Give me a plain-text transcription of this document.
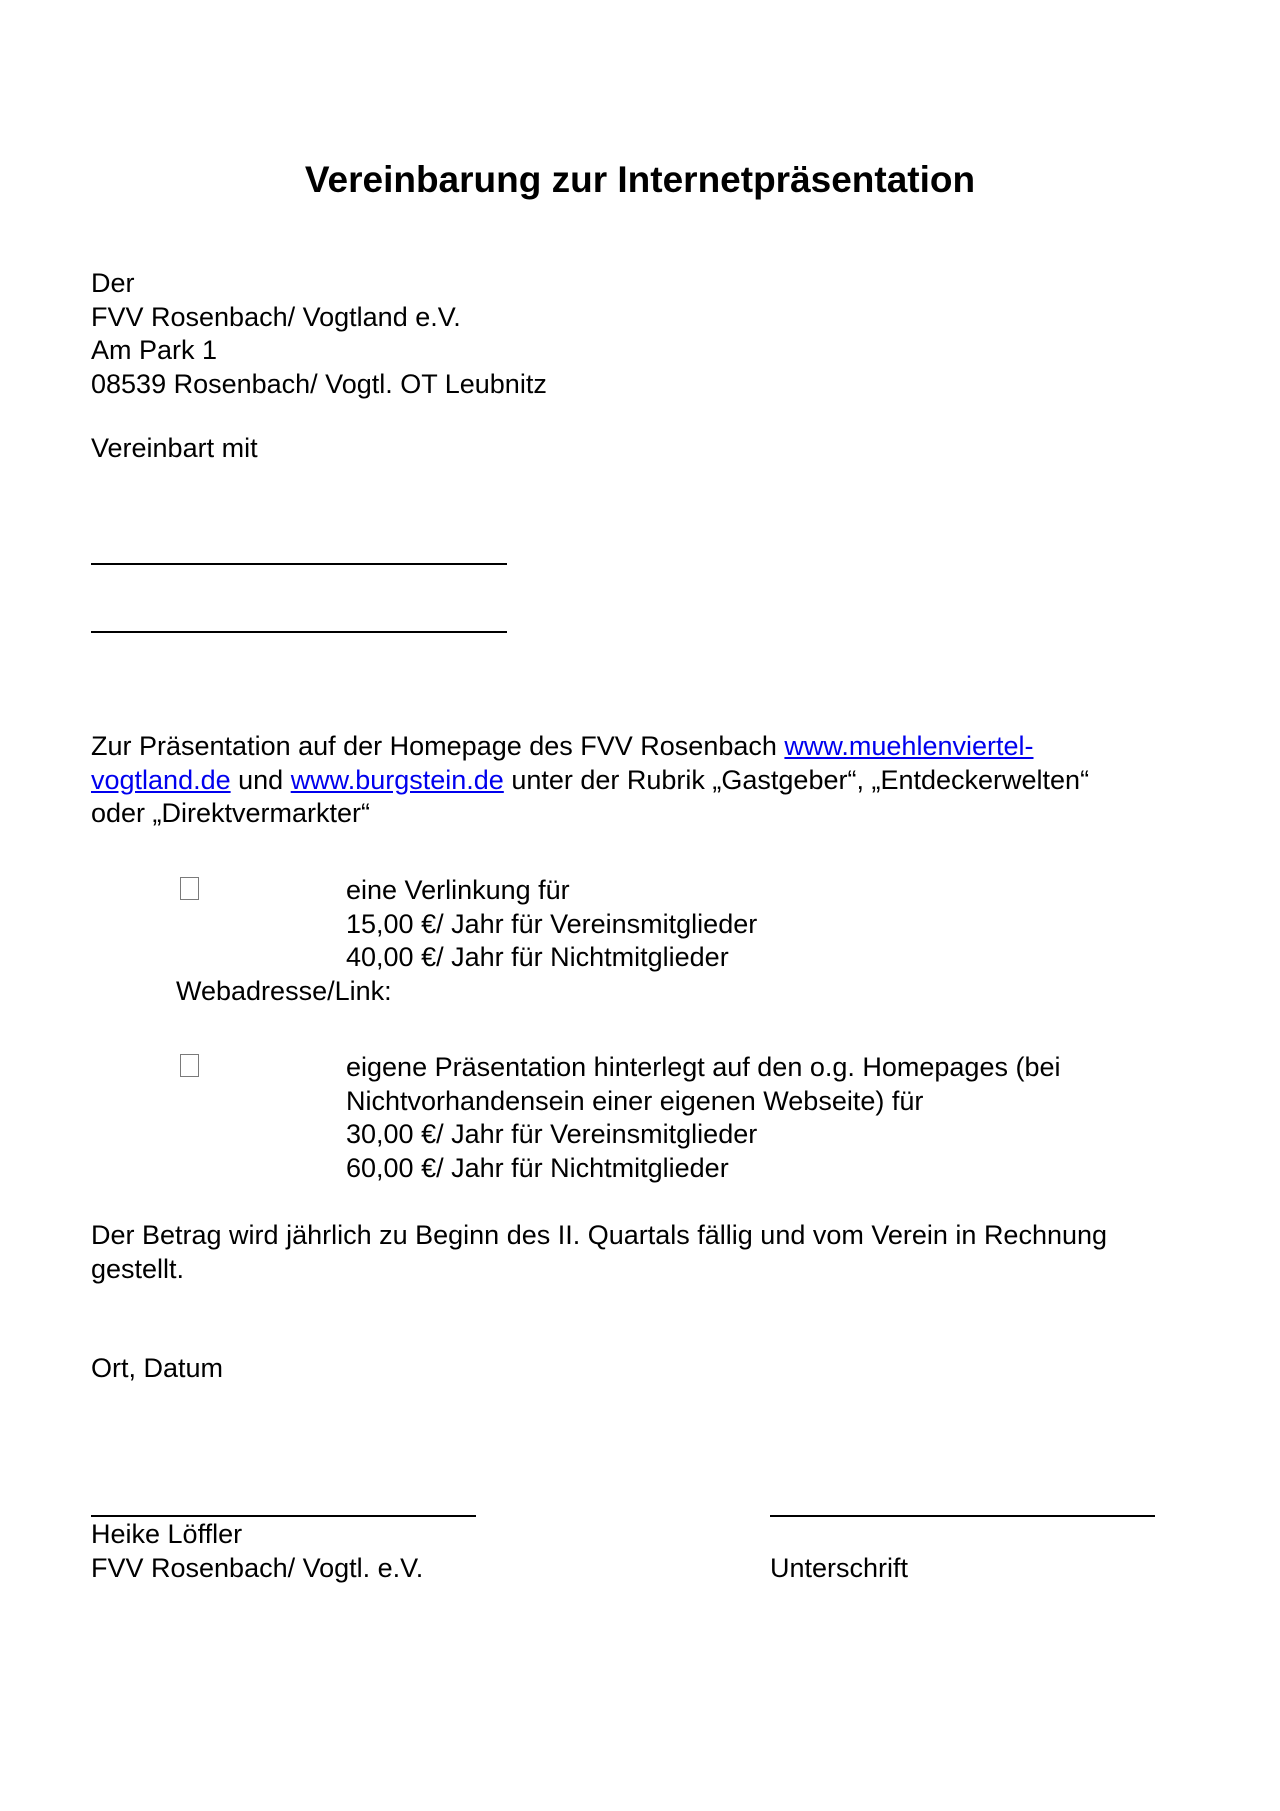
Vereinbarung zur Internetpräsentation
Der
FVV Rosenbach/ Vogtland e.V.
Am Park 1
08539 Rosenbach/ Vogtl. OT Leubnitz
Vereinbart mit
Zur Präsentation auf der Homepage des FVV Rosenbach www.muehlenviertel-
vogtland.de und www.burgstein.de unter der Rubrik „Gastgeber“, „Entdeckerwelten“
oder „Direktvermarkter“
eine Verlinkung für
15,00 €/ Jahr für Vereinsmitglieder
40,00 €/ Jahr für Nichtmitglieder
Webadresse/Link:
eigene Präsentation hinterlegt auf den o.g. Homepages (bei
Nichtvorhandensein einer eigenen Webseite) für
30,00 €/ Jahr für Vereinsmitglieder
60,00 €/ Jahr für Nichtmitglieder
Der Betrag wird jährlich zu Beginn des II. Quartals fällig und vom Verein in Rechnung
gestellt.
Ort, Datum
Heike Löffler
FVV Rosenbach/ Vogtl. e.V.	Unterschrift
